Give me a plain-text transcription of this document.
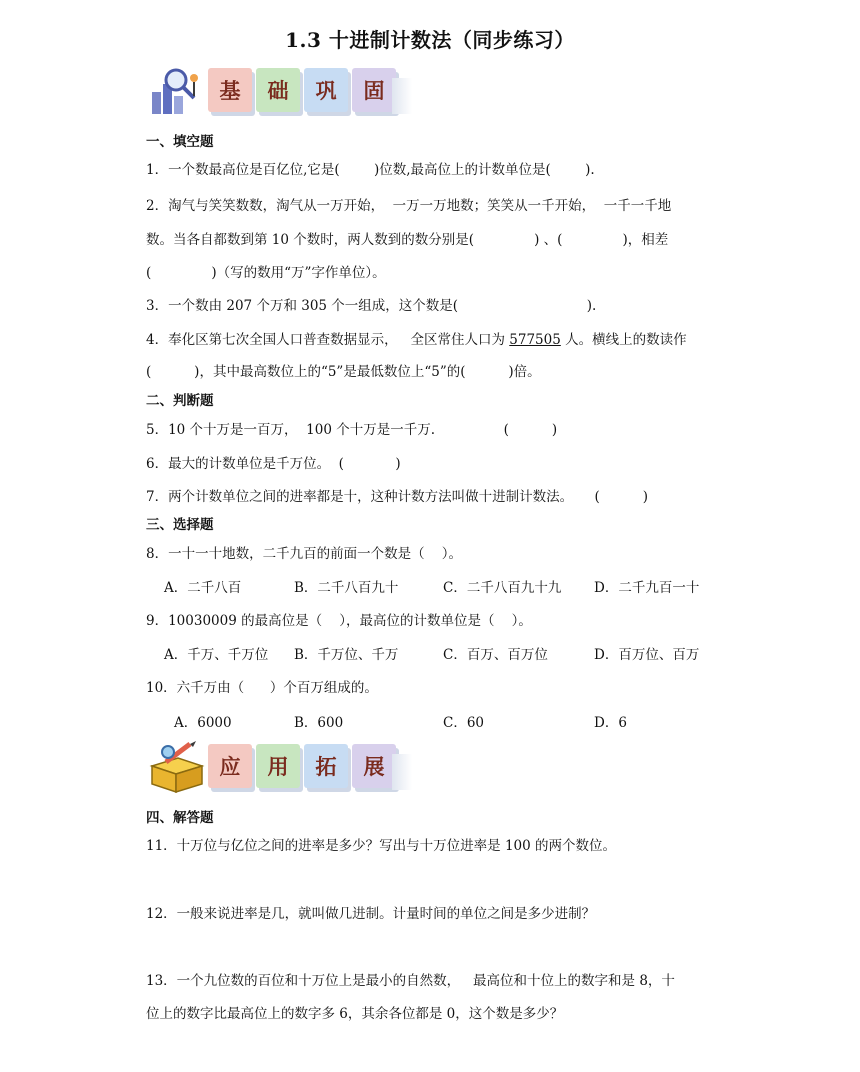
1.3 十进制计数法（同步练习）
基	础	巩	固
一、填空题
1．一个数最高位是百亿位,它是(        )位数,最高位上的计数单位是(        ).
2．淘气与笑笑数数，淘气从一万开始，  一万一万地数；笑笑从一千开始，  一千一千地
数。当各自都数到第 10 个数时，两人数到的数分别是(              ) 、(              )，相差
(              )（写的数用“万”字作单位）。
3．一个数由 207 个万和 305 个一组成，这个数是(                              ).
4．奉化区第七次全国人口普查数据显示，   全区常住人口为 577505 人。横线上的数读作
(          )，其中最高数位上的“5”是最低数位上“5”的(          )倍。
二、判断题
5．10 个十万是一百万，  100 个十万是一千万.                (          )
6．最大的计数单位是千万位。  (            )
7．两个计数单位之间的进率都是十，这种计数方法叫做十进制计数法。     (          )
三、选择题
8．一十一十地数，二千九百的前面一个数是（    ）。
A．二千八百	B．二千八百九十	C．二千八百九十九 D．二千九百一十
9．10030009 的最高位是（    ），最高位的计数单位是（    ）。
A．千万、千万位 B．千万位、千万	C．百万、百万位	D．百万位、百万
10．六千万由（      ）个百万组成的。
A．6000	B．600	C．60	D．6
应	用	拓	展
四、解答题
11．十万位与亿位之间的进率是多少？写出与十万位进率是 100 的两个数位。
12．一般来说进率是几，就叫做几进制。计量时间的单位之间是多少进制？
13．一个九位数的百位和十万位上是最小的自然数，   最高位和十位上的数字和是 8，十
位上的数字比最高位上的数字多 6，其余各位都是 0，这个数是多少？
